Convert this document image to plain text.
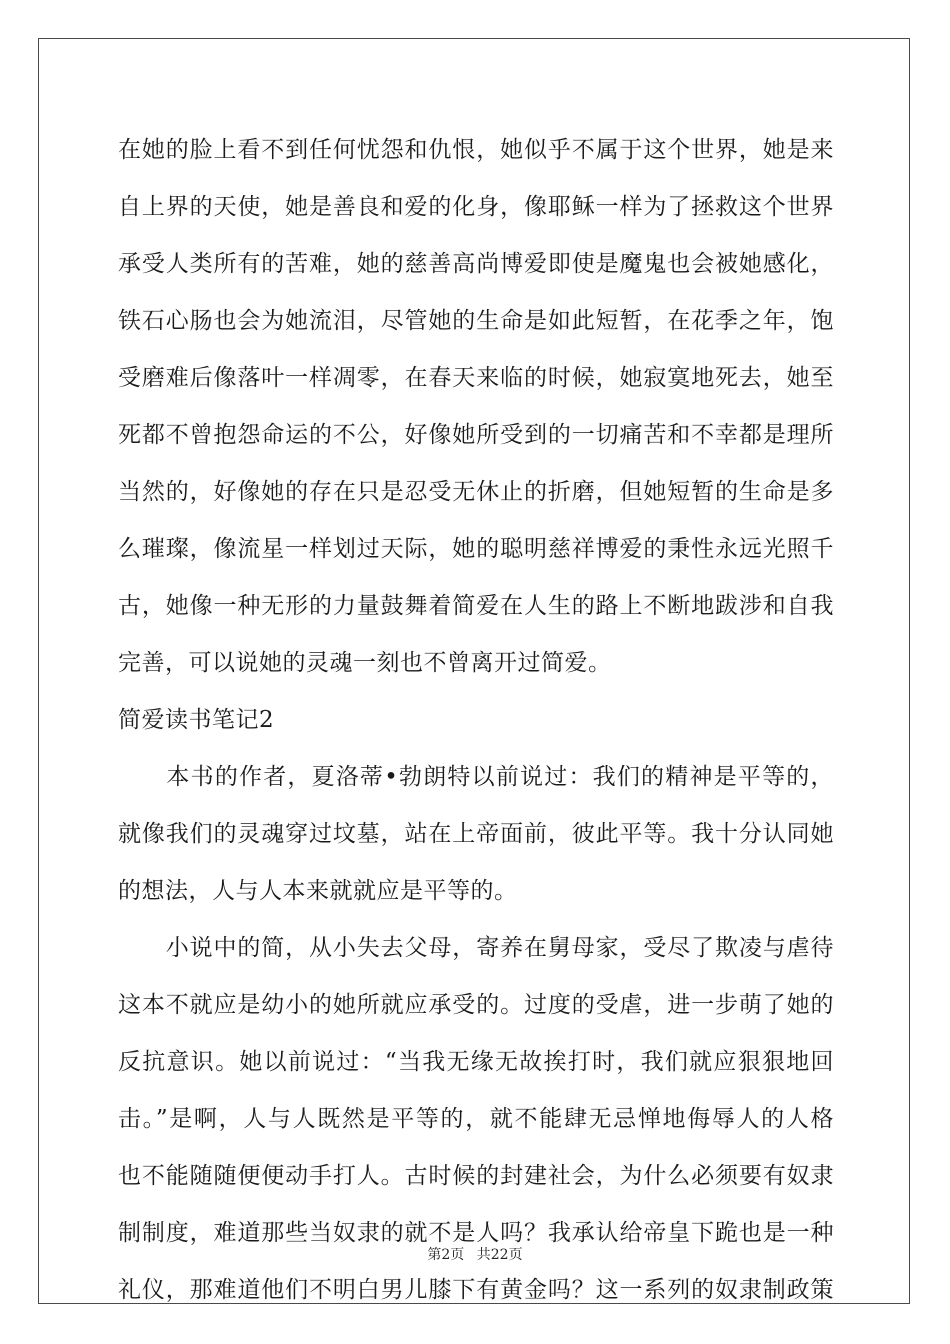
在她的脸上看不到任何忧怨和仇恨，她似乎不属于这个世界，她是来
自上界的天使，她是善良和爱的化身，像耶稣一样为了拯救这个世界
承受人类所有的苦难，她的慈善高尚博爱即使是魔鬼也会被她感化，
铁石心肠也会为她流泪，尽管她的生命是如此短暂，在花季之年，饱
受磨难后像落叶一样凋零，在春天来临的时候，她寂寞地死去，她至
死都不曾抱怨命运的不公，好像她所受到的一切痛苦和不幸都是理所
当然的，好像她的存在只是忍受无休止的折磨，但她短暂的生命是多
么璀璨，像流星一样划过天际，她的聪明慈祥博爱的秉性永远光照千
古，她像一种无形的力量鼓舞着简爱在人生的路上不断地跋涉和自我
完善，可以说她的灵魂一刻也不曾离开过简爱。
简爱读书笔记2
　　本书的作者，夏洛蒂•勃朗特以前说过：我们的精神是平等的，
就像我们的灵魂穿过坟墓，站在上帝面前，彼此平等。我十分认同她
的想法，人与人本来就就应是平等的。
　　小说中的简，从小失去父母，寄养在舅母家，受尽了欺凌与虐待
这本不就应是幼小的她所就应承受的。过度的受虐，进一步萌了她的
反抗意识。她以前说过：“当我无缘无故挨打时，我们就应狠狠地回
击。”是啊，人与人既然是平等的，就不能肆无忌惮地侮辱人的人格
也不能随随便便动手打人。古时候的封建社会，为什么必须要有奴隶
制制度，难道那些当奴隶的就不是人吗？我承认给帝皇下跪也是一种
礼仪，那难道他们不明白男儿膝下有黄金吗？这一系列的奴隶制政策
第2页 共22页
